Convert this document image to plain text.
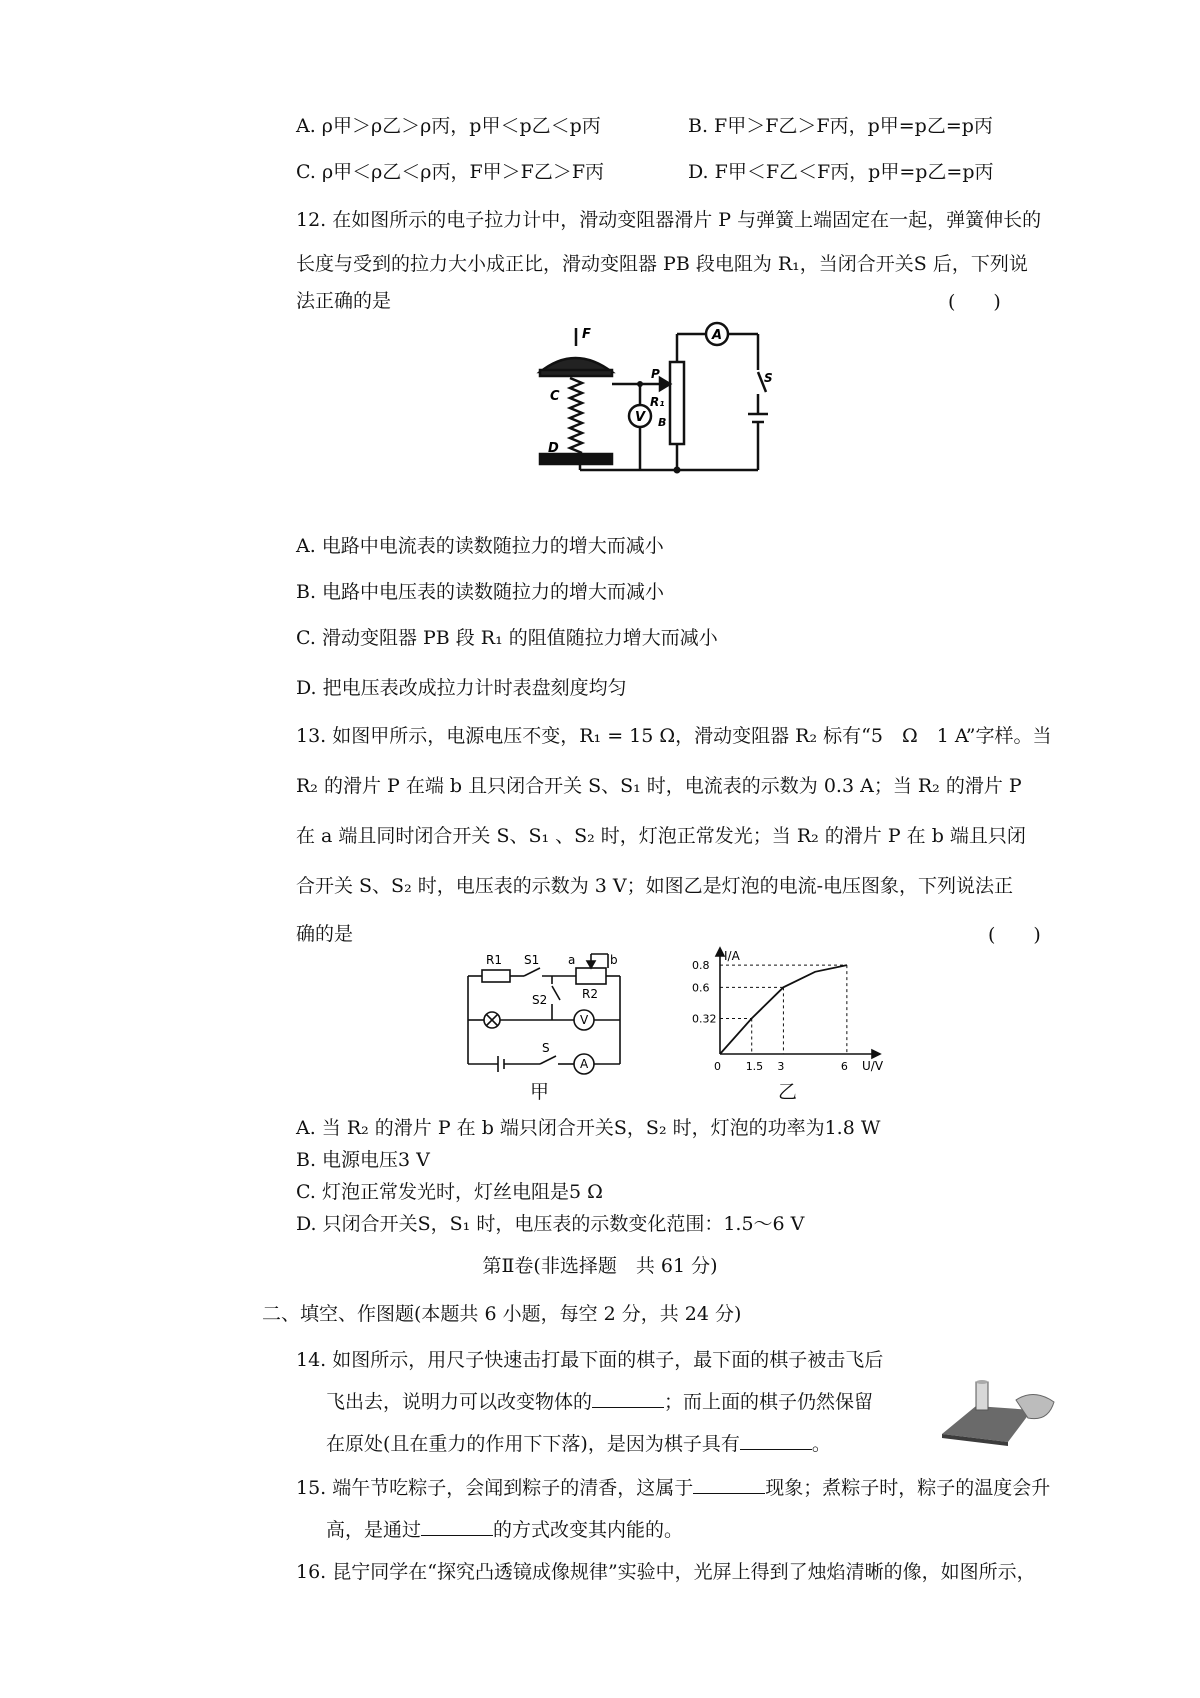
A. ρ甲＞ρ乙＞ρ丙，p甲＜p乙＜p丙	B. F甲＞F乙＞F丙，p甲=p乙=p丙
C. ρ甲＜ρ乙＜ρ丙，F甲＞F乙＞F丙	D. F甲＜F乙＜F丙，p甲=p乙=p丙
12. 在如图所示的电子拉力计中，滑动变阻器滑片 P 与弹簧上端固定在一起，弹簧伸长的
长度与受到的拉力大小成正比，滑动变阻器 PB 段电阻为 R₁，当闭合开关S 后，下列说
法正确的是	(　　)
F
C
D
P
R₁
B
A
V
S
A. 电路中电流表的读数随拉力的增大而减小
B. 电路中电压表的读数随拉力的增大而减小
C. 滑动变阻器 PB 段 R₁ 的阻值随拉力增大而减小
D. 把电压表改成拉力计时表盘刻度均匀
13. 如图甲所示，电源电压不变，R₁ = 15 Ω，滑动变阻器 R₂ 标有“5　Ω　1 A”字样。当
R₂ 的滑片 P 在端 b 且只闭合开关 S、S₁ 时，电流表的示数为 0.3 A；当 R₂ 的滑片 P
在 a 端且同时闭合开关 S、S₁ 、S₂ 时，灯泡正常发光；当 R₂ 的滑片 P 在 b 端且只闭
合开关 S、S₂ 时，电压表的示数为 3 V；如图乙是灯泡的电流-电压图象，下列说法正
确的是	(　　)
R1 S1 a	b
R2
S2
V
S
A	0 1.5 3	6
0.32
0.6
0.8
I/A
U/V
甲	乙
A. 当 R₂ 的滑片 P 在 b 端只闭合开关S，S₂ 时，灯泡的功率为1.8 W
B. 电源电压3 V
C. 灯泡正常发光时，灯丝电阻是5 Ω
D. 只闭合开关S，S₁ 时，电压表的示数变化范围：1.5～6 V
第Ⅱ卷(非选择题　共 61 分)
二、填空、作图题(本题共 6 小题，每空 2 分，共 24 分)
14. 如图所示，用尺子快速击打最下面的棋子，最下面的棋子被击飞后
飞出去，说明力可以改变物体的	；而上面的棋子仍然保留
在原处(且在重力的作用下下落)，是因为棋子具有	。
15. 端午节吃粽子，会闻到粽子的清香，这属于	现象；煮粽子时，粽子的温度会升
高，是通过	的方式改变其内能的。
16. 昆宁同学在“探究凸透镜成像规律”实验中，光屏上得到了烛焰清晰的像，如图所示，
